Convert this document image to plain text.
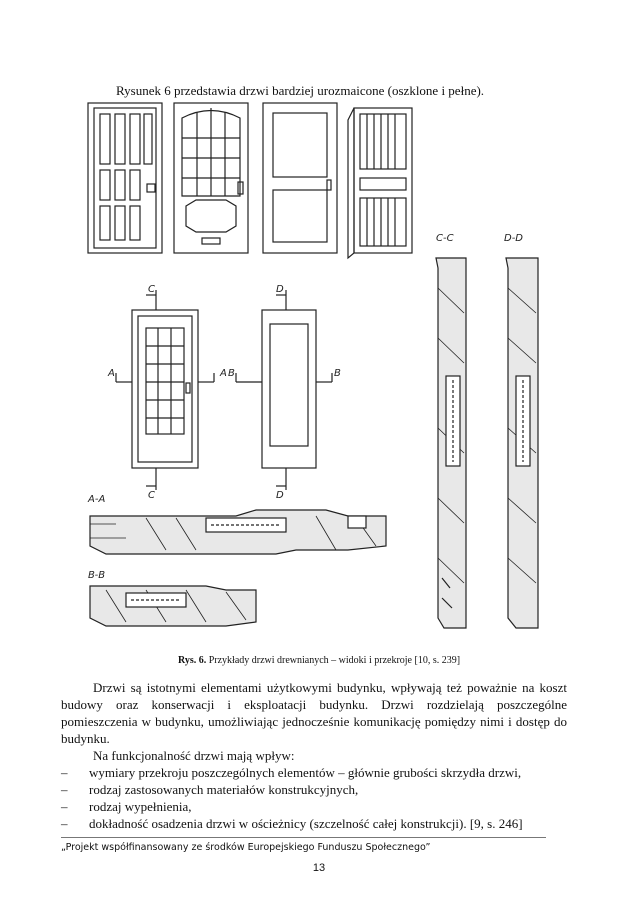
Rysunek 6 przedstawia drzwi bardziej urozmaicone (oszklone i pełne).
C-C	D-D
C	D
A	A B	B
C	D
A-A
B-B
Rys. 6. Przykłady drzwi drewnianych – widoki i przekroje [10, s. 239]

Drzwi są istotnymi elementami użytkowymi budynku, wpływają też poważnie na koszt budowy oraz konserwacji i eksploatacji budynku. Drzwi rozdzielają poszczególne pomieszczenia w budynku, umożliwiając jednocześnie komunikację pomiędzy nimi i dostęp do budynku.

Na funkcjonalność drzwi mają wpływ:

– wymiary przekroju poszczególnych elementów – głównie grubości skrzydła drzwi,
– rodzaj zastosowanych materiałów konstrukcyjnych,
– rodzaj wypełnienia,
– dokładność osadzenia drzwi w ościeżnicy (szczelność całej konstrukcji). [9, s. 246]
„Projekt współfinansowany ze środków Europejskiego Funduszu Społecznego”
13
